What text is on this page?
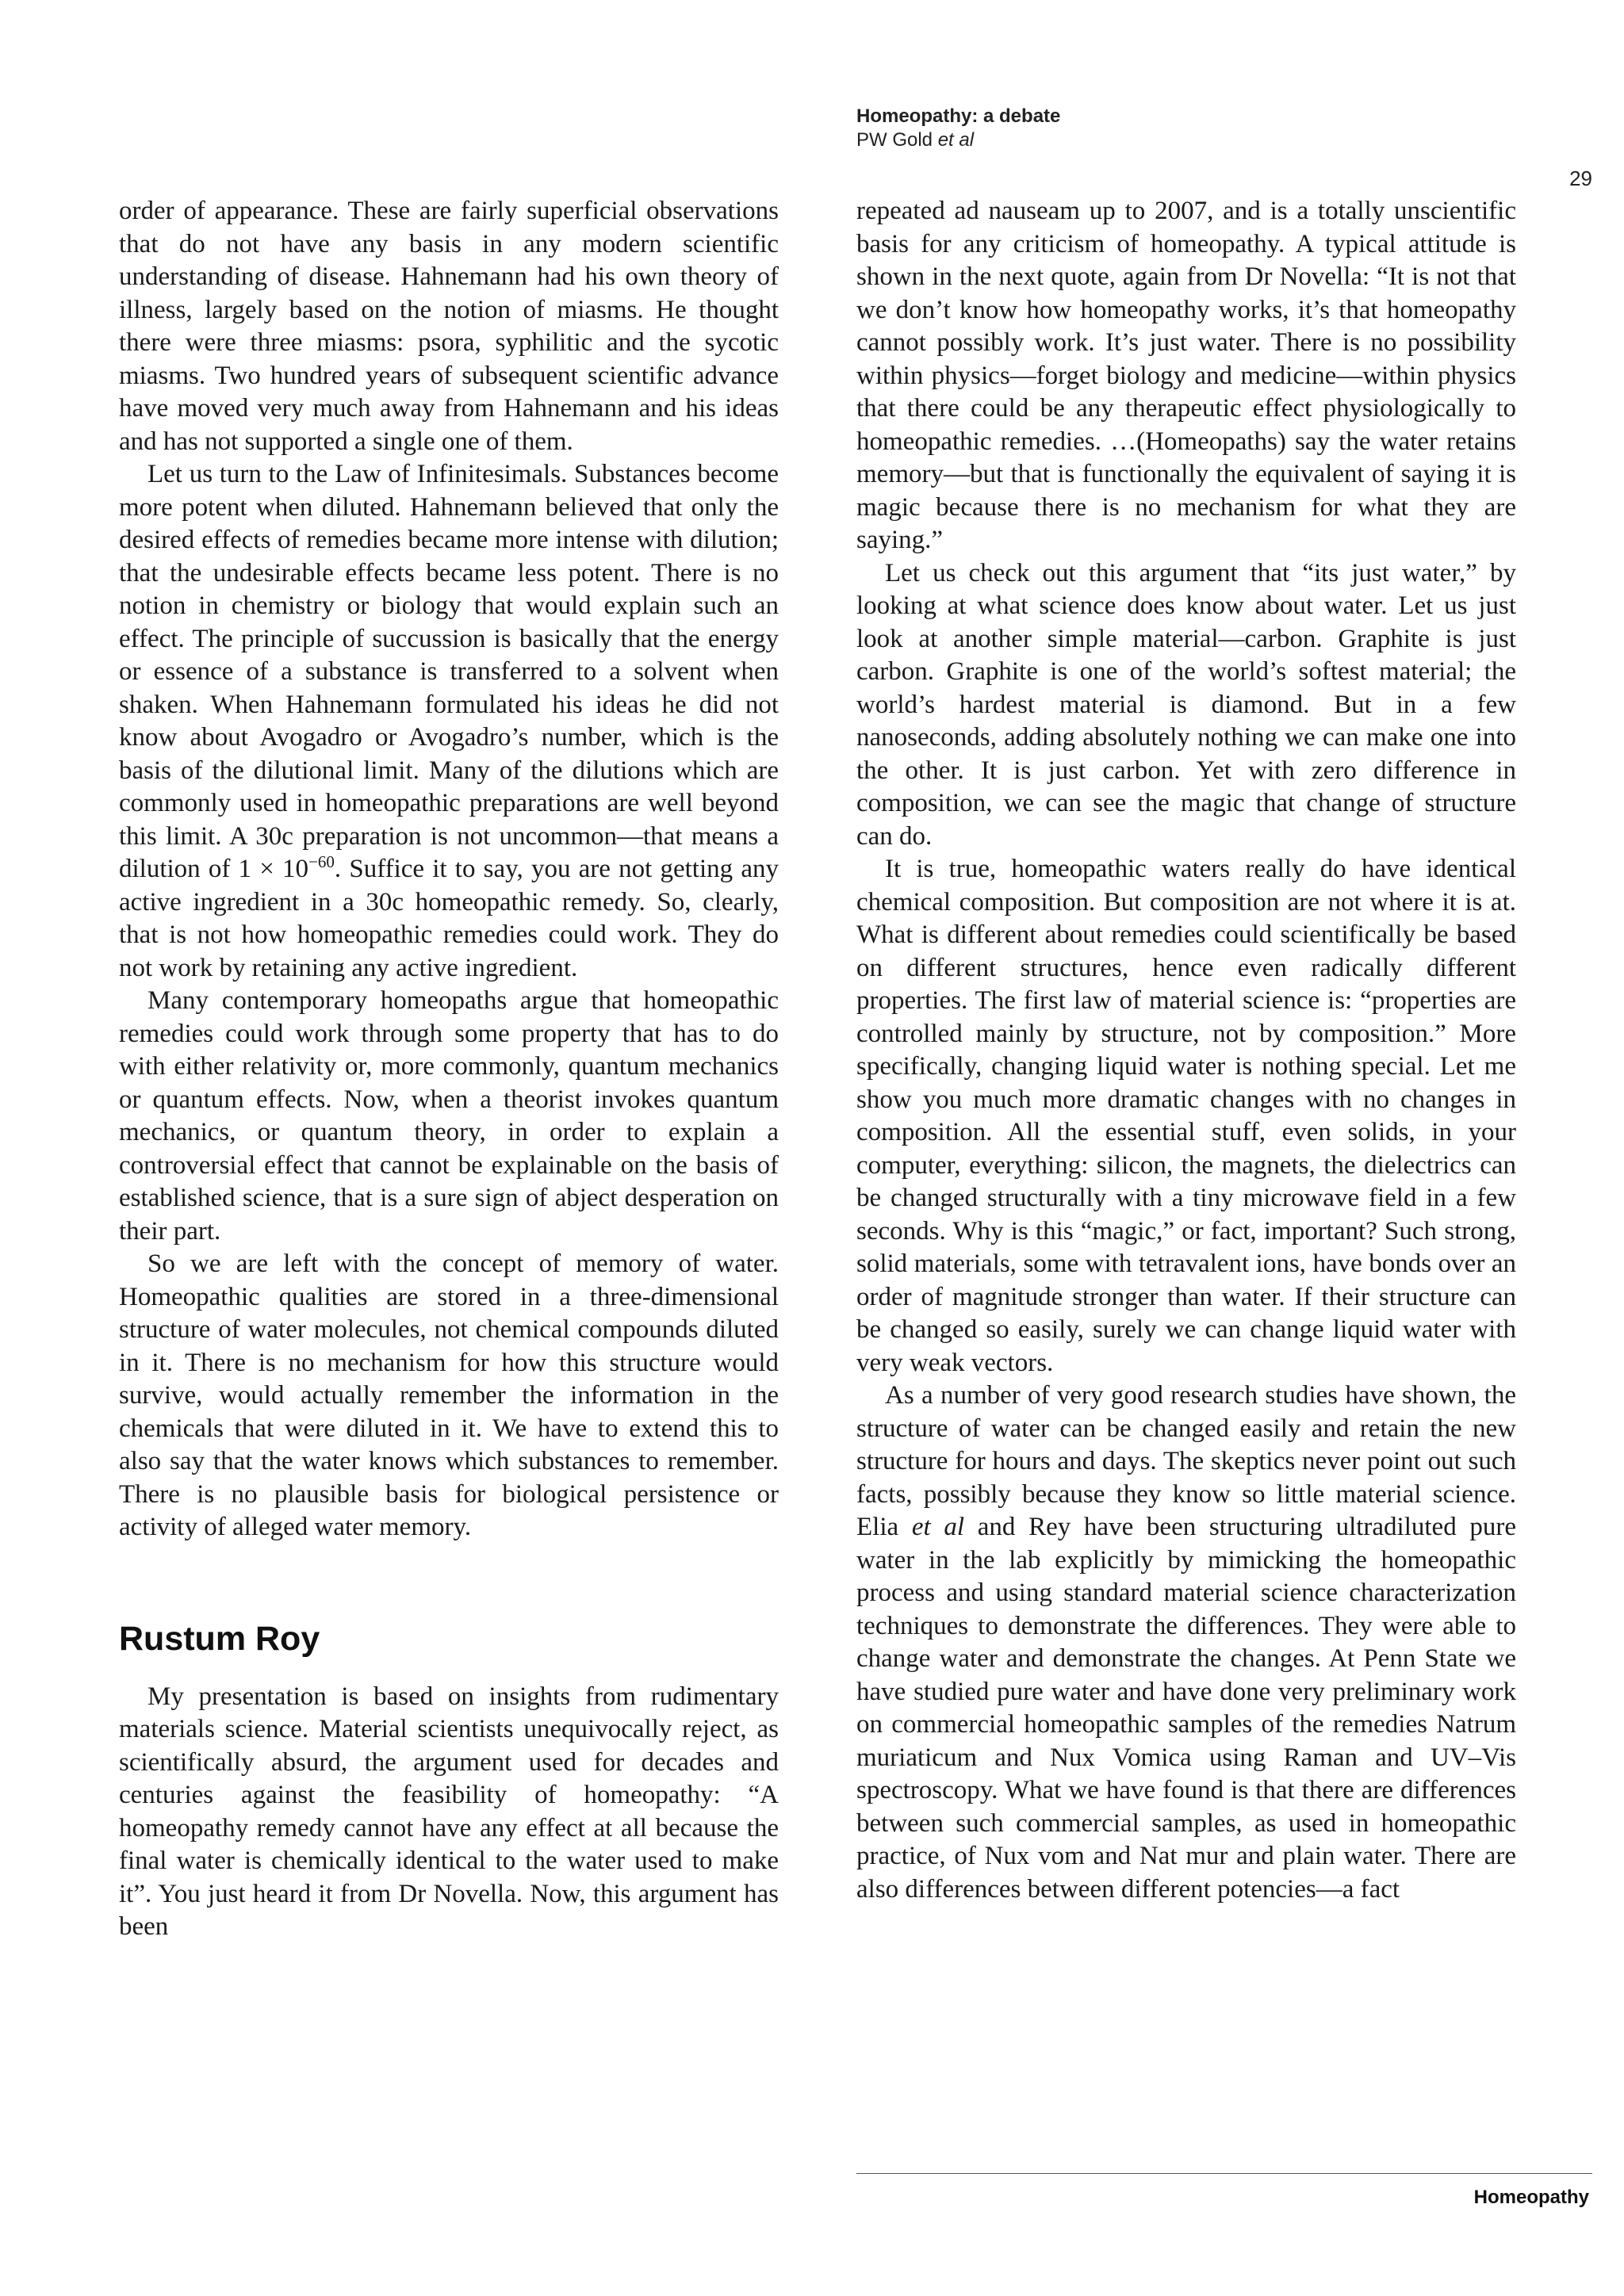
Homeopathy: a debate
PW Gold et al
29

order of appearance. These are fairly superficial observations that do not have any basis in any modern scientific understanding of disease. Hahnemann had his own theory of illness, largely based on the notion of miasms. He thought there were three miasms: psora, syphilitic and the sycotic miasms. Two hundred years of subsequent scientific advance have moved very much away from Hahnemann and his ideas and has not supported a single one of them.

Let us turn to the Law of Infinitesimals. Substances become more potent when diluted. Hahnemann believed that only the desired effects of remedies became more intense with dilution; that the undesirable effects became less potent. There is no notion in chemistry or biology that would explain such an effect. The principle of succussion is basically that the energy or essence of a substance is transferred to a solvent when shaken. When Hahnemann formulated his ideas he did not know about Avogadro or Avogadro’s number, which is the basis of the dilutional limit. Many of the dilutions which are commonly used in homeopathic preparations are well beyond this limit. A 30c preparation is not uncommon—that means a dilution of $1 \times 10^{-60}$. Suffice it to say, you are not getting any active ingredient in a 30c homeopathic remedy. So, clearly, that is not how homeopathic remedies could work. They do not work by retaining any active ingredient.

Many contemporary homeopaths argue that homeopathic remedies could work through some property that has to do with either relativity or, more commonly, quantum mechanics or quantum effects. Now, when a theorist invokes quantum mechanics, or quantum theory, in order to explain a controversial effect that cannot be explainable on the basis of established science, that is a sure sign of abject desperation on their part.

So we are left with the concept of memory of water. Homeopathic qualities are stored in a three-dimensional structure of water molecules, not chemical compounds diluted in it. There is no mechanism for how this structure would survive, would actually remember the information in the chemicals that were diluted in it. We have to extend this to also say that the water knows which substances to remember. There is no plausible basis for biological persistence or activity of alleged water memory.

Rustum Roy

My presentation is based on insights from rudimentary materials science. Material scientists unequivocally reject, as scientifically absurd, the argument used for decades and centuries against the feasibility of homeopathy: “A homeopathy remedy cannot have any effect at all because the final water is chemically identical to the water used to make it”. You just heard it from Dr Novella. Now, this argument has been

repeated ad nauseam up to 2007, and is a totally unscientific basis for any criticism of homeopathy. A typical attitude is shown in the next quote, again from Dr Novella: “It is not that we don’t know how homeopathy works, it’s that homeopathy cannot possibly work. It’s just water. There is no possibility within physics—forget biology and medicine—within physics that there could be any therapeutic effect physiologically to homeopathic remedies. …(Homeopaths) say the water retains memory—but that is functionally the equivalent of saying it is magic because there is no mechanism for what they are saying.”

Let us check out this argument that “its just water,” by looking at what science does know about water. Let us just look at another simple material—carbon. Graphite is just carbon. Graphite is one of the world’s softest material; the world’s hardest material is diamond. But in a few nanoseconds, adding absolutely nothing we can make one into the other. It is just carbon. Yet with zero difference in composition, we can see the magic that change of structure can do.

It is true, homeopathic waters really do have identical chemical composition. But composition are not where it is at. What is different about remedies could scientifically be based on different structures, hence even radically different properties. The first law of material science is: “properties are controlled mainly by structure, not by composition.” More specifically, changing liquid water is nothing special. Let me show you much more dramatic changes with no changes in composition. All the essential stuff, even solids, in your computer, everything: silicon, the magnets, the dielectrics can be changed structurally with a tiny microwave field in a few seconds. Why is this “magic,” or fact, important? Such strong, solid materials, some with tetravalent ions, have bonds over an order of magnitude stronger than water. If their structure can be changed so easily, surely we can change liquid water with very weak vectors.

As a number of very good research studies have shown, the structure of water can be changed easily and retain the new structure for hours and days. The skeptics never point out such facts, possibly because they know so little material science. Elia et al and Rey have been structuring ultradiluted pure water in the lab explicitly by mimicking the homeopathic process and using standard material science characterization techniques to demonstrate the differences. They were able to change water and demonstrate the changes. At Penn State we have studied pure water and have done very preliminary work on commercial homeopathic samples of the remedies Natrum muriaticum and Nux Vomica using Raman and UV–Vis spectroscopy. What we have found is that there are differences between such commercial samples, as used in homeopathic practice, of Nux vom and Nat mur and plain water. There are also differences between different potencies—a fact

Homeopathy
